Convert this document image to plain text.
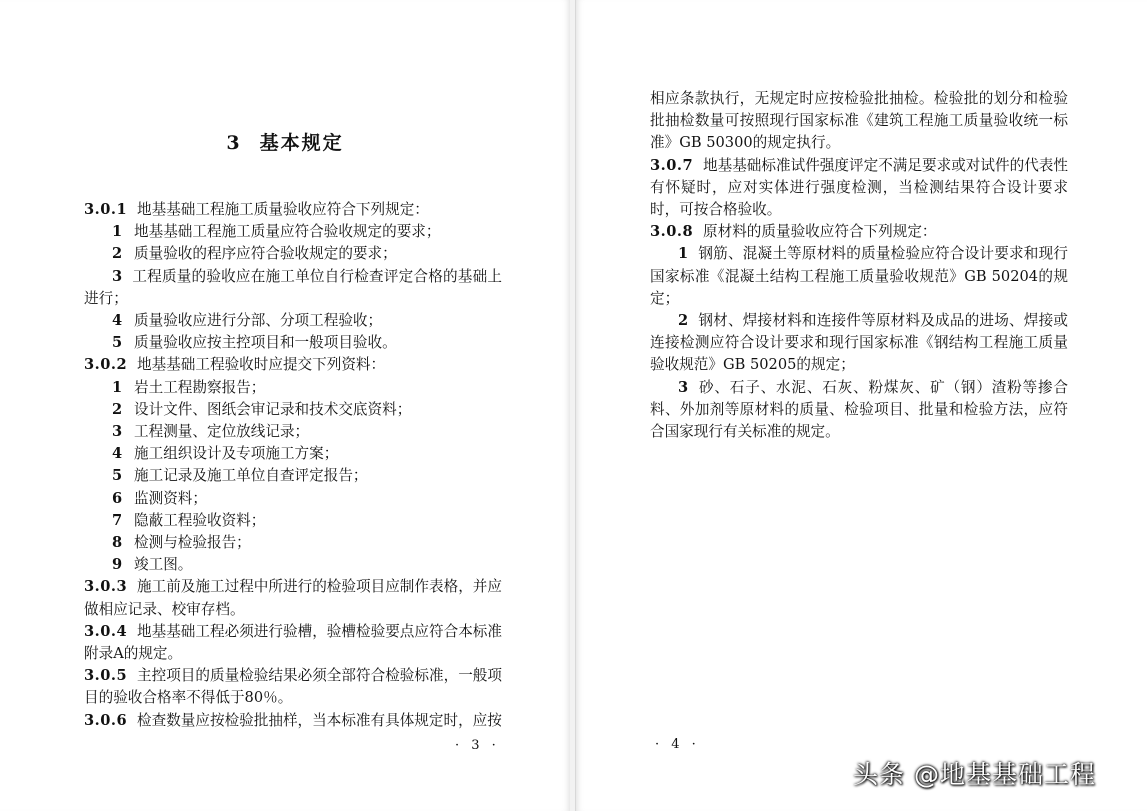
3 基本规定

3.0.1 地基基础工程施工质量验收应符合下列规定：

1 地基基础工程施工质量应符合验收规定的要求；

2 质量验收的程序应符合验收规定的要求；

3 工程质量的验收应在施工单位自行检查评定合格的基础上进行；

4 质量验收应进行分部、分项工程验收；

5 质量验收应按主控项目和一般项目验收。

3.0.2 地基基础工程验收时应提交下列资料：

1 岩土工程勘察报告；

2 设计文件、图纸会审记录和技术交底资料；

3 工程测量、定位放线记录；

4 施工组织设计及专项施工方案；

5 施工记录及施工单位自查评定报告；

6 监测资料；

7 隐蔽工程验收资料；

8 检测与检验报告；

9 竣工图。

3.0.3 施工前及施工过程中所进行的检验项目应制作表格，并应做相应记录、校审存档。

3.0.4 地基基础工程必须进行验槽，验槽检验要点应符合本标准附录A的规定。

3.0.5 主控项目的质量检验结果必须全部符合检验标准，一般项目的验收合格率不得低于80％。

3.0.6 检查数量应按检验批抽样，当本标准有具体规定时，应按

· 3 ·

相应条款执行，无规定时应按检验批抽检。检验批的划分和检验批抽检数量可按照现行国家标准《建筑工程施工质量验收统一标准》GB 50300的规定执行。

3.0.7 地基基础标准试件强度评定不满足要求或对试件的代表性有怀疑时，应对实体进行强度检测，当检测结果符合设计要求时，可按合格验收。

3.0.8 原材料的质量验收应符合下列规定：

1 钢筋、混凝土等原材料的质量检验应符合设计要求和现行国家标准《混凝土结构工程施工质量验收规范》GB 50204的规定；

2 钢材、焊接材料和连接件等原材料及成品的进场、焊接或连接检测应符合设计要求和现行国家标准《钢结构工程施工质量验收规范》GB 50205的规定；

3 砂、石子、水泥、石灰、粉煤灰、矿（钢）渣粉等掺合料、外加剂等原材料的质量、检验项目、批量和检验方法，应符合国家现行有关标准的规定。

· 4 ·
头条 @地基基础工程
